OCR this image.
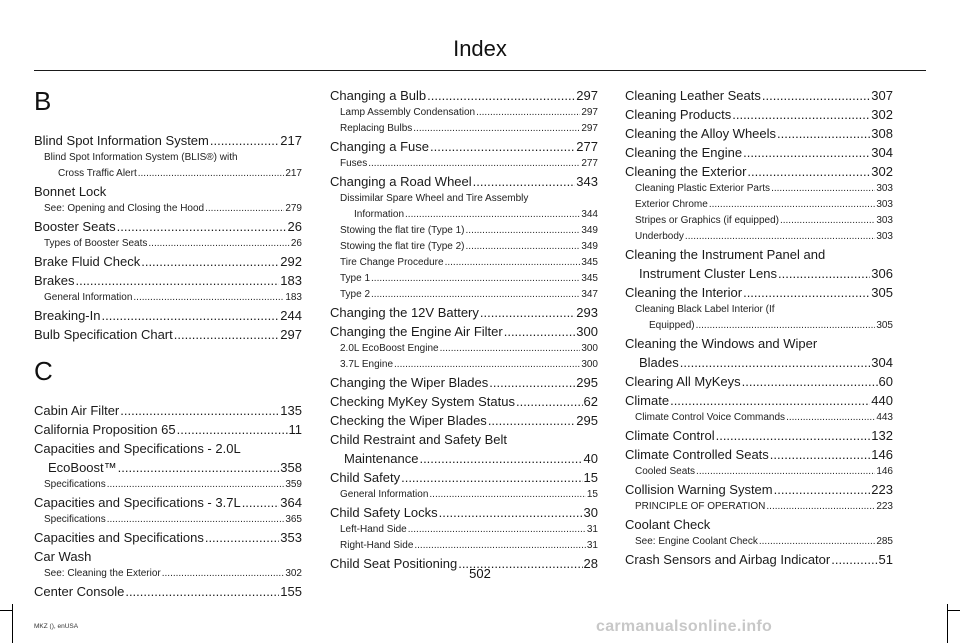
Index
B
Blind Spot Information System .....	217
Blind Spot Information System (BLIS®) with
Cross Traffic Alert .....	217
Bonnet Lock
See: Opening and Closing the Hood .....	279
Booster Seats .....	26
Types of Booster Seats .....	26
Brake Fluid Check .....	292
Brakes .....	183
General Information .....	183
Breaking-In .....	244
Bulb Specification Chart .....	297
C
Cabin Air Filter .....	135
California Proposition 65 .....	11
Capacities and Specifications - 2.0L
EcoBoost™ .....	358
Specifications .....	359
Capacities and Specifications - 3.7L .....	364
Specifications .....	365
Capacities and Specifications .....	353
Car Wash
See: Cleaning the Exterior .....	302
Center Console .....	155
Changing a Bulb .....	297
Lamp Assembly Condensation .....	297
Replacing Bulbs .....	297
Changing a Fuse .....	277
Fuses .....	277
Changing a Road Wheel .....	343
Dissimilar Spare Wheel and Tire Assembly
Information .....	344
Stowing the flat tire (Type 1) .....	349
Stowing the flat tire (Type 2) .....	349
Tire Change Procedure .....	345
Type 1 .....	345
Type 2 .....	347
Changing the 12V Battery .....	293
Changing the Engine Air Filter .....	300
2.0L EcoBoost Engine .....	300
3.7L Engine .....	300
Changing the Wiper Blades .....	295
Checking MyKey System Status .....	62
Checking the Wiper Blades .....	295
Child Restraint and Safety Belt
Maintenance .....	40
Child Safety .....	15
General Information .....	15
Child Safety Locks .....	30
Left-Hand Side .....	31
Right-Hand Side .....	31
Child Seat Positioning .....	28
Cleaning Leather Seats .....	307
Cleaning Products .....	302
Cleaning the Alloy Wheels .....	308
Cleaning the Engine .....	304
Cleaning the Exterior .....	302
Cleaning Plastic Exterior Parts .....	303
Exterior Chrome .....	303
Stripes or Graphics (if equipped) .....	303
Underbody .....	303
Cleaning the Instrument Panel and
Instrument Cluster Lens .....	306
Cleaning the Interior .....	305
Cleaning Black Label Interior (If
Equipped) .....	305
Cleaning the Windows and Wiper
Blades .....	304
Clearing All MyKeys .....	60
Climate .....	440
Climate Control Voice Commands .....	443
Climate Control .....	132
Climate Controlled Seats .....	146
Cooled Seats .....	146
Collision Warning System .....	223
PRINCIPLE OF OPERATION .....	223
Coolant Check
See: Engine Coolant Check .....	285
Crash Sensors and Airbag Indicator .....	51
502
MKZ (), enUSA	carmanualsonline.info
